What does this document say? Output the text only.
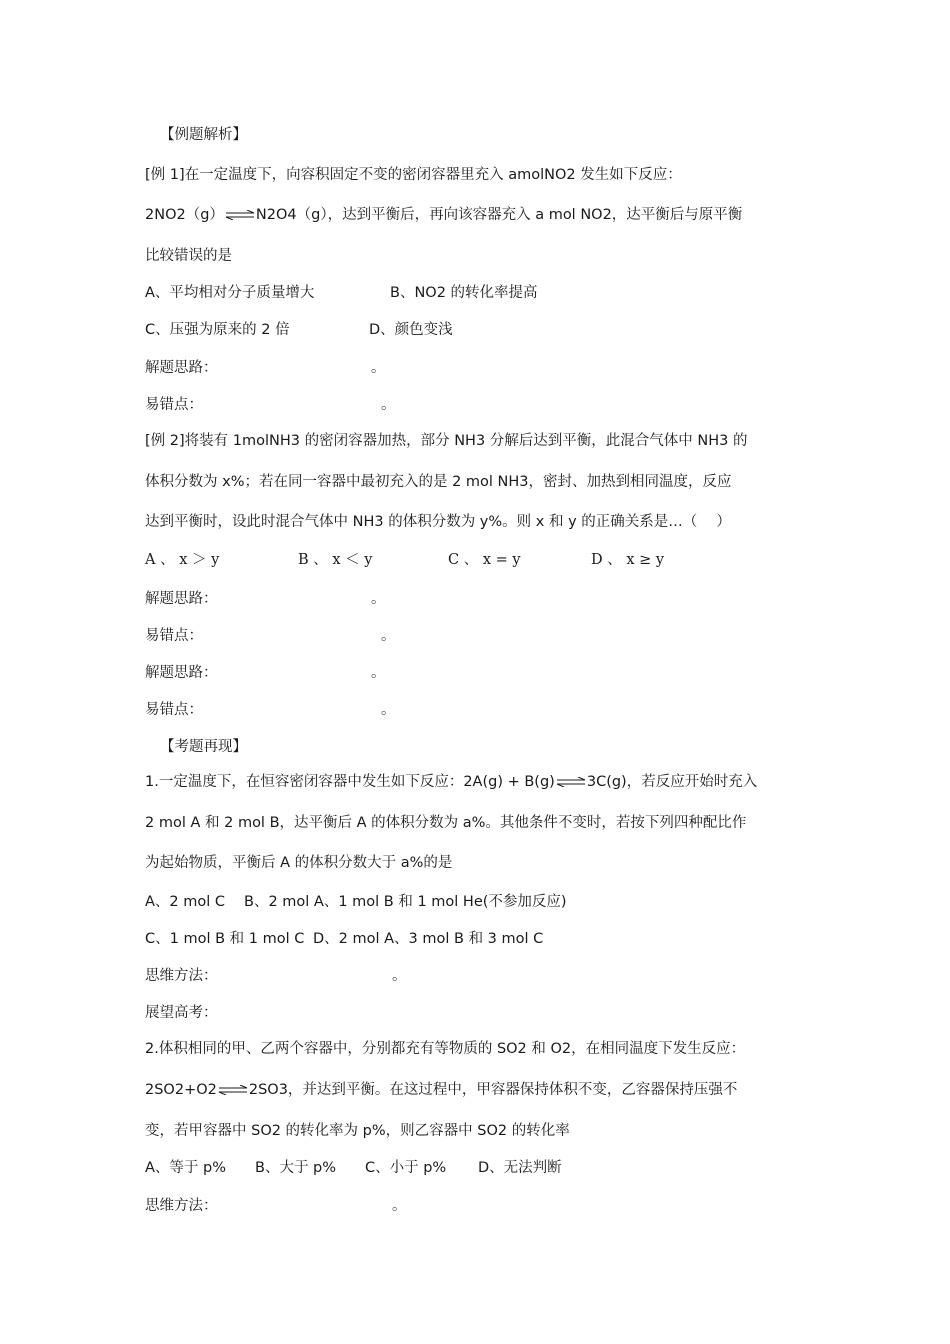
【例题解析】
[例 1]在一定温度下，向容积固定不变的密闭容器里充入 amolNO2 发生如下反应：
2NO2（g）⇌N2O4（g），达到平衡后，再向该容器充入 a mol NO2，达平衡后与原平衡
比较错误的是
A、平均相对分子质量增大	B、NO2 的转化率提高
C、压强为原来的 2 倍	D、颜色变浅
解题思路：	。
易错点：	。
[例 2]将装有 1molNH3 的密闭容器加热，部分 NH3 分解后达到平衡，此混合气体中 NH3 的
体积分数为 x%；若在同一容器中最初充入的是 2 mol NH3，密封、加热到相同温度，反应
达到平衡时，设此时混合气体中 NH3 的体积分数为 y%。则 x 和 y 的正确关系是…（　 ）
A 、 x ＞ y	B 、 x ＜ y	C 、 x = y	D 、 x ≥ y
解题思路：	。
易错点：	。
解题思路：	。
易错点：	。
【考题再现】
1.一定温度下，在恒容密闭容器中发生如下反应：2A(g) + B(g)⇌3C(g)，若反应开始时充入
2 mol A 和 2 mol B，达平衡后 A 的体积分数为 a%。其他条件不变时，若按下列四种配比作
为起始物质，平衡后 A 的体积分数大于 a%的是
A、2 mol C B、2 mol A、1 mol B 和 1 mol He(不参加反应)
C、1 mol B 和 1 mol C D、2 mol A、3 mol B 和 3 mol C
思维方法：	。
展望高考：
2.体积相同的甲、乙两个容器中，分别都充有等物质的 SO2 和 O2，在相同温度下发生反应：
2SO2+O2⇌2SO3，并达到平衡。在这过程中，甲容器保持体积不变，乙容器保持压强不
变，若甲容器中 SO2 的转化率为 p%，则乙容器中 SO2 的转化率
A、等于 p% B、大于 p% C、小于 p% D、无法判断
思维方法：	。
